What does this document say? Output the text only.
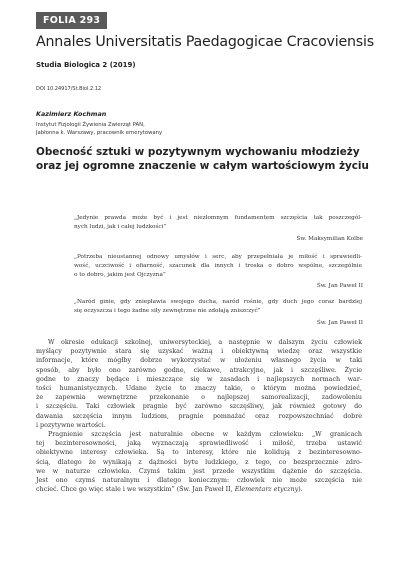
FOLIA 293
Annales Universitatis Paedagogicae Cracoviensis
Studia Biologica 2 (2019)
DOI 10.24917/St.Biol.2.12
Kazimierz Kochman
Instytut Fizjologii Żywienia Zwierząt PAN,
Jabłonna k. Warszawy, pracownik emerytowany
Obecność sztuki w pozytywnym wychowaniu młodzieży
oraz jej ogromne znaczenie w całym wartościowym życiu
„Jedynie prawda może być i jest niezłomnym fundamentem szczęścia tak poszczegól-
nych ludzi, jak i całej ludzkości”
Św. Maksymilian Kolbe
„Potrzeba nieustannej odnowy umysłów i serc, aby przepełniała je miłość i sprawiedli-
wość, uczciwość i ofiarność, szacunek dla innych i troska o dobro wspólne, szczególnie
o to dobro, jakim jest Ojczyzna”
Św. Jan Paweł II
„Naród ginie, gdy zniepławia swojego ducha, naród rośnie, gdy duch jego coraz bardziej
się oczyszcza i tego żadne siły zewnętrzne nie zdołają zniszczyć”
Św. Jan Paweł II
W okresie edukacji szkolnej, uniwersyteckiej, a następnie w dalszym życiu człowiek
myślący pozytywnie stara się uzyskać ważną i obiektywną wiedzę oraz wszystkie
informacje, które mógłby dobrze wykorzystać w ułożeniu własnego życia w taki
sposób, aby było ono zarówno godne, ciekawe, atrakcyjne, jak i szczęśliwe. Życie
godne to znaczy będące i mieszczące się w zasadach i najlepszych normach war-
tości humanistycznych. Udane życie to znaczy takie, o którym można powiedzieć,
że zapewnia wewnętrzne przekonanie o najlepszej samorealizacji, zadowoleniu
i szczęściu. Taki człowiek pragnie być zarówno szczęśliwy, jak również gotowy do
dawania szczęścia innym ludziom, pragnie pomnażać oraz rozpowszechniać dobre
i pozytywne wartości.
Pragnienie szczęścia jest naturalnie obecne w każdym człowieku: „W granicach
tej bezinteresowności, jaką wyznaczają sprawiedliwość i miłość, trzeba ustawić
obiektywne interesy człowieka. Są to interesy, które nie kolidują z bezinteresowno-
ścią, dlatego że wynikają z dążności bytu ludzkiego, z tego, co bezsprzecznie zdro-
we w naturze człowieka. Czymś takim jest przede wszystkim dążenie do szczęścia.
Jest ono czymś naturalnym i dlatego koniecznym: człowiek nie może szczęścia nie
chcieć. Chce go więc stale i we wszystkim” (Św. Jan Paweł II, Elementarz etyczny).
